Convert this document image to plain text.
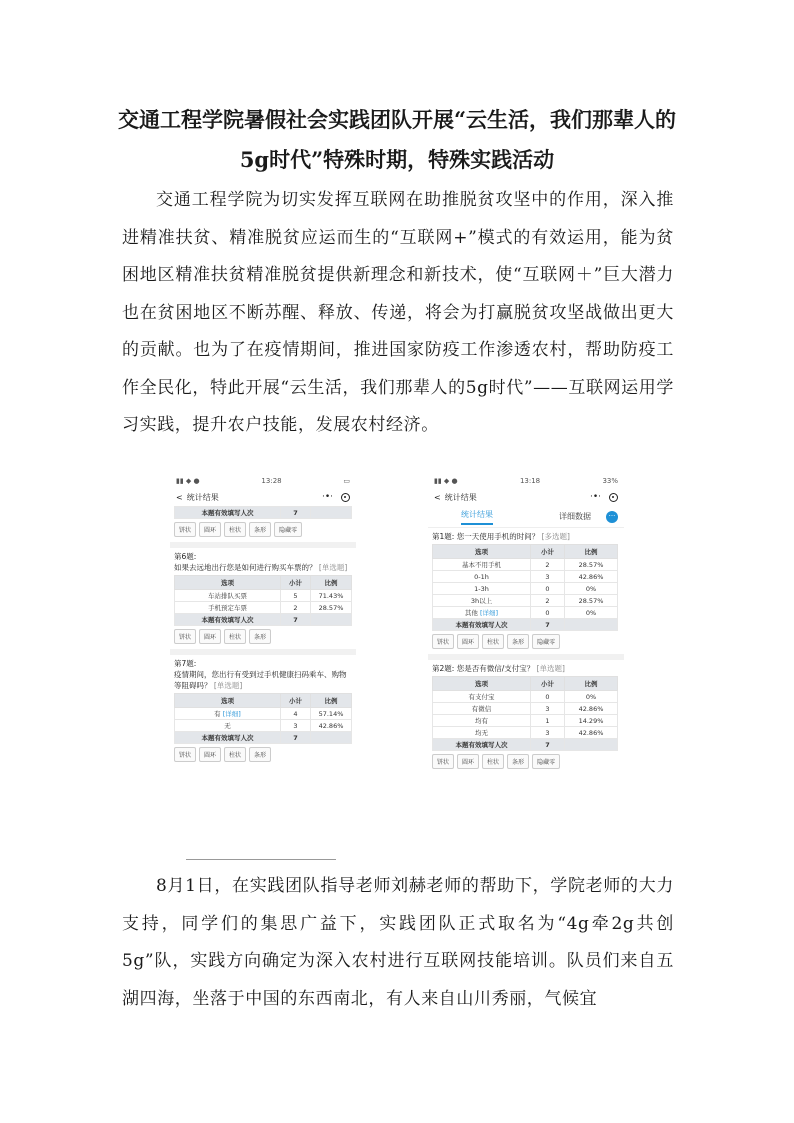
交通工程学院暑假社会实践团队开展“云生活，我们那辈人的5g时代”特殊时期，特殊实践活动

交通工程学院为切实发挥互联网在助推脱贫攻坚中的作用，深入推进精准扶贫、精准脱贫应运而生的“互联网+”模式的有效运用，能为贫困地区精准扶贫精准脱贫提供新理念和新技术，使“互联网＋”巨大潜力也在贫困地区不断苏醒、释放、传递，将会为打赢脱贫攻坚战做出更大的贡献。也为了在疫情期间，推进国家防疫工作渗透农村，帮助防疫工作全民化，特此开展“云生活，我们那辈人的5g时代”——互联网运用学习实践，提升农户技能，发展农村经济。

▮▮ ◆ ●	13:28	▭
< 统计结果	·•·
本题有效填写人次	7	
饼状	圆环	柱状	条形	隐藏零
第6题:
如果去远地出行您是如何进行购买车票的？ [单选题]
选项	小计	比例
车站排队买票	5	71.43%
手机预定车票	2	28.57%
本题有效填写人次	7	
饼状	圆环	柱状	条形
第7题:
疫情期间，您出行有受到过手机健康扫码乘车、购物等阻碍吗？ [单选题]
选项	小计	比例
有 [详细]	4	57.14%
无	3	42.86%
本题有效填写人次	7	
饼状	圆环	柱状	条形
▮▮ ◆ ●	13:18	33%
< 统计结果	·•·
统计结果	详细数据	···
第1题: 您一天使用手机的时间？ [多选题]
选项	小计	比例
基本不用手机	2	28.57%
0-1h	3	42.86%
1-3h	0	0%
3h以上	2	28.57%
其他 [详细]	0	0%
本题有效填写人次	7	
饼状	圆环	柱状	条形	隐藏零
第2题: 您是否有微信/支付宝？ [单选题]
选项	小计	比例
有支付宝	0	0%
有微信	3	42.86%
均有	1	14.29%
均无	3	42.86%
本题有效填写人次	7	
饼状	圆环	柱状	条形	隐藏零

8月1日，在实践团队指导老师刘赫老师的帮助下，学院老师的大力支持，同学们的集思广益下，实践团队正式取名为“4g牵2g共创5g”队，实践方向确定为深入农村进行互联网技能培训。队员们来自五湖四海，坐落于中国的东西南北，有人来自山川秀丽，气候宜
